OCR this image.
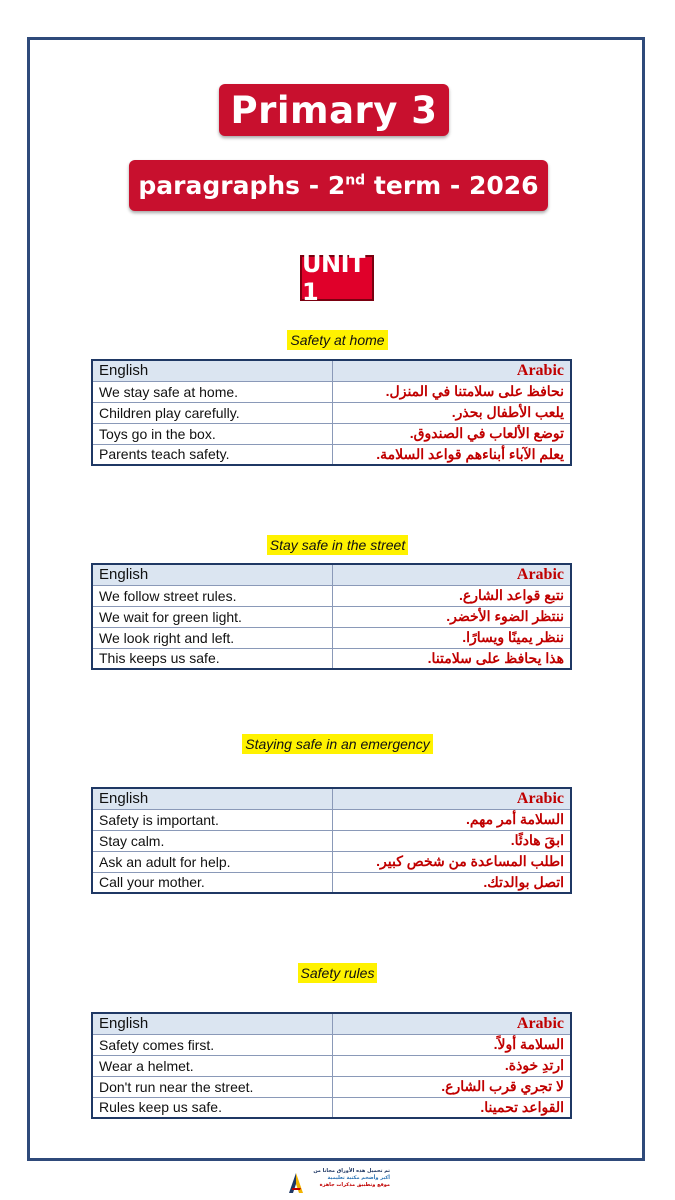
Primary 3
paragraphs - 2nd term - 2026
UNIT 1
Safety at home
English	Arabic
We stay safe at home.	نحافظ على سلامتنا في المنزل.
Children play carefully.	يلعب الأطفال بحذر.
Toys go in the box.	توضع الألعاب في الصندوق.
Parents teach safety.	يعلم الآباء أبناءهم قواعد السلامة.
Stay safe in the street
English	Arabic
We follow street rules.	نتبع قواعد الشارع.
We wait for green light.	ننتظر الضوء الأخضر.
We look right and left.	ننظر يمينًا ويسارًا.
This keeps us safe.	هذا يحافظ على سلامتنا.
Staying safe in an emergency
English	Arabic
Safety is important.	السلامة أمر مهم.
Stay calm.	ابقَ هادئًا.
Ask an adult for help.	اطلب المساعدة من شخص كبير.
Call your mother.	اتصل بوالدتك.
Safety rules
English	Arabic
Safety comes first.	السلامة أولاً.
Wear a helmet.	ارتدِ خوذة.
Don't run near the street.	لا تجري قرب الشارع.
Rules keep us safe.	القواعد تحمينا.
تم تحميل هذه الأوراق مجانا من
أكبر وأضخم مكتبة تعليمية
موقع وتطبيق مذكرات جاهزة
